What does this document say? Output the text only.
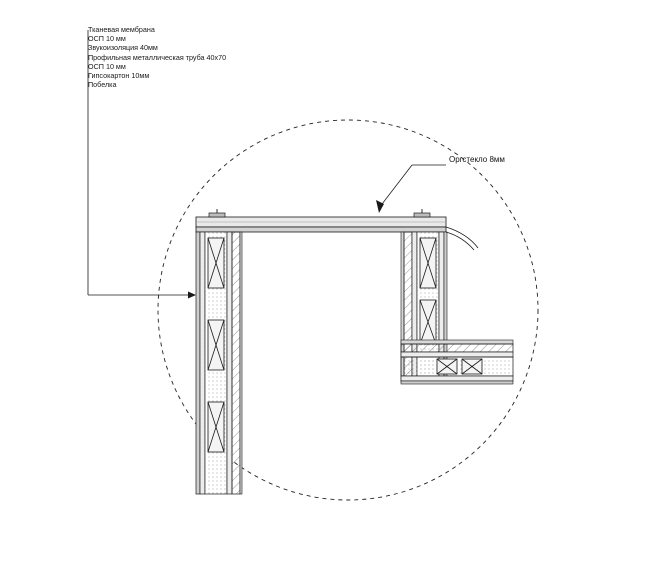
Тканевая мембрана
ОСП 10 мм
Звукоизоляция 40мм
Профильная металлическая труба 40х70
ОСП 10 мм
Гипсокартон 10мм
Побелка
Оргстекло 8мм
